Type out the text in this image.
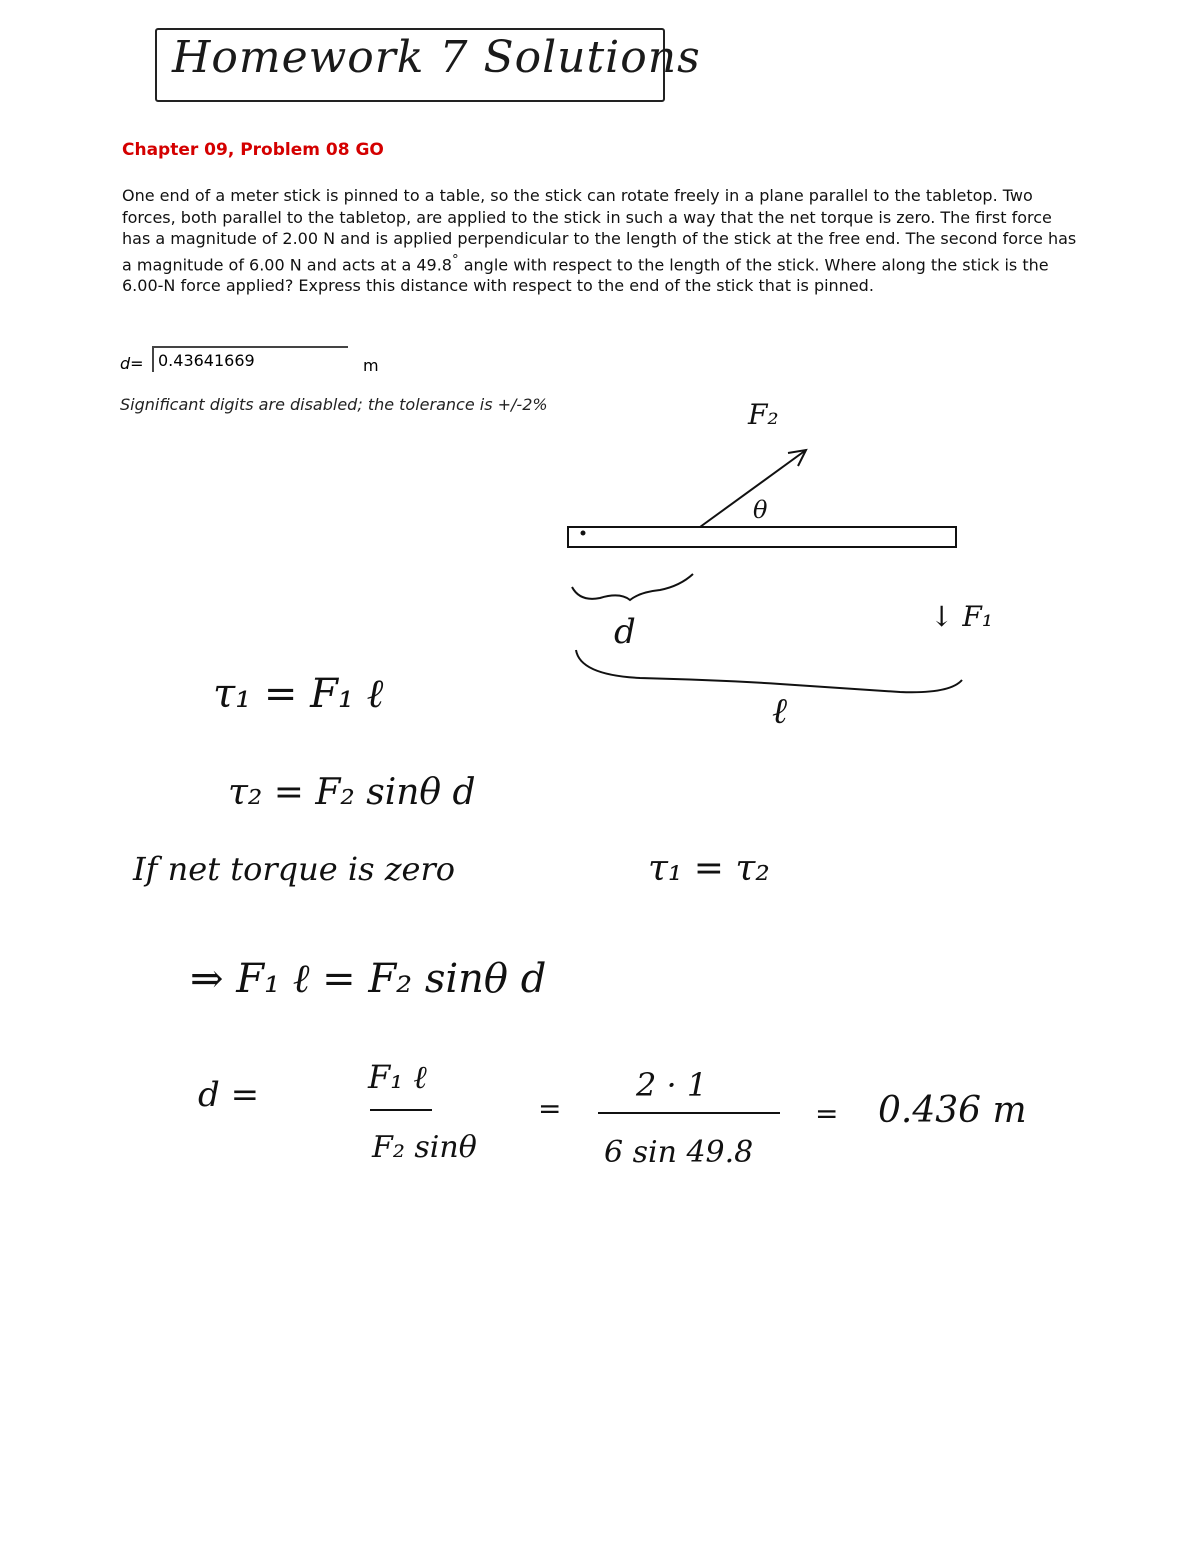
Homework 7 Solutions
Chapter 09, Problem 08 GO
One end of a meter stick is pinned to a table, so the stick can rotate freely in a plane parallel to the tabletop. Two forces, both parallel to the tabletop, are applied to the stick in such a way that the net torque is zero. The first force has a magnitude of 2.00 N and is applied perpendicular to the length of the stick at the free end. The second force has a magnitude of 6.00 N and acts at a 49.8° angle with respect to the length of the stick. Where along the stick is the 6.00-N force applied? Express this distance with respect to the end of the stick that is pinned.
d= 0.43641669	m
Significant digits are disabled; the tolerance is +/-2%	F₂
θ
↓ F₁
d
ℓ
τ₁ = F₁ ℓ
τ₂ = F₂ sinθ d
If net torque is zero	τ₁ = τ₂
⇒ F₁ ℓ = F₂ sinθ d
d =	F₁ ℓ
F₂ sinθ
=
2 · 1
6 sin 49.8
= 0.436 m
